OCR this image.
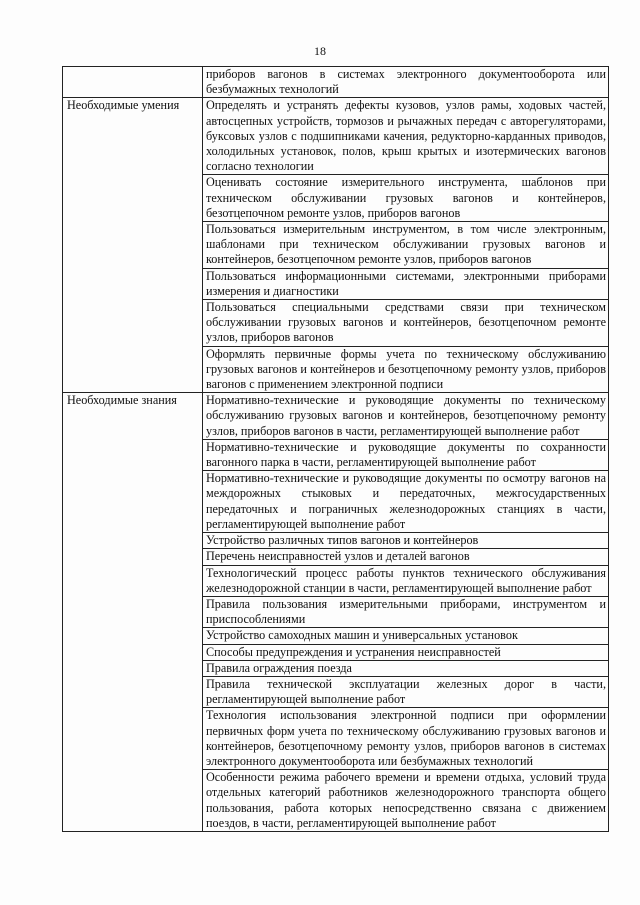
18
	приборов вагонов в системах электронного документооборота или безбумажных технологий
Необходимые умения	Определять и устранять дефекты кузовов, узлов рамы, ходовых частей, автосцепных устройств, тормозов и рычажных передач с авторегуляторами, буксовых узлов с подшипниками качения, редукторно-карданных приводов, холодильных установок, полов, крыш крытых и изотермических вагонов согласно технологии
	Оценивать состояние измерительного инструмента, шаблонов при техническом обслуживании грузовых вагонов и контейнеров, безотцепочном ремонте узлов, приборов вагонов
	Пользоваться измерительным инструментом, в том числе электронным, шаблонами при техническом обслуживании грузовых вагонов и контейнеров, безотцепочном ремонте узлов, приборов вагонов
	Пользоваться информационными системами, электронными приборами измерения и диагностики
	Пользоваться специальными средствами связи при техническом обслуживании грузовых вагонов и контейнеров, безотцепочном ремонте узлов, приборов вагонов
	Оформлять первичные формы учета по техническому обслуживанию грузовых вагонов и контейнеров и безотцепочному ремонту узлов, приборов вагонов с применением электронной подписи
Необходимые знания	Нормативно-технические и руководящие документы по техническому обслуживанию грузовых вагонов и контейнеров, безотцепочному ремонту узлов, приборов вагонов в части, регламентирующей выполнение работ
	Нормативно-технические и руководящие документы по сохранности вагонного парка в части, регламентирующей выполнение работ
	Нормативно-технические и руководящие документы по осмотру вагонов на междорожных стыковых и передаточных, межгосударственных передаточных и пограничных железнодорожных станциях в части, регламентирующей выполнение работ
	Устройство различных типов вагонов и контейнеров
	Перечень неисправностей узлов и деталей вагонов
	Технологический процесс работы пунктов технического обслуживания железнодорожной станции в части, регламентирующей выполнение работ
	Правила пользования измерительными приборами, инструментом и приспособлениями
	Устройство самоходных машин и универсальных установок
	Способы предупреждения и устранения неисправностей
	Правила ограждения поезда
	Правила технической эксплуатации железных дорог в части, регламентирующей выполнение работ
	Технология использования электронной подписи при оформлении первичных форм учета по техническому обслуживанию грузовых вагонов и контейнеров, безотцепочному ремонту узлов, приборов вагонов в системах электронного документооборота или безбумажных технологий
	Особенности режима рабочего времени и времени отдыха, условий труда отдельных категорий работников железнодорожного транспорта общего пользования, работа которых непосредственно связана с движением поездов, в части, регламентирующей выполнение работ
